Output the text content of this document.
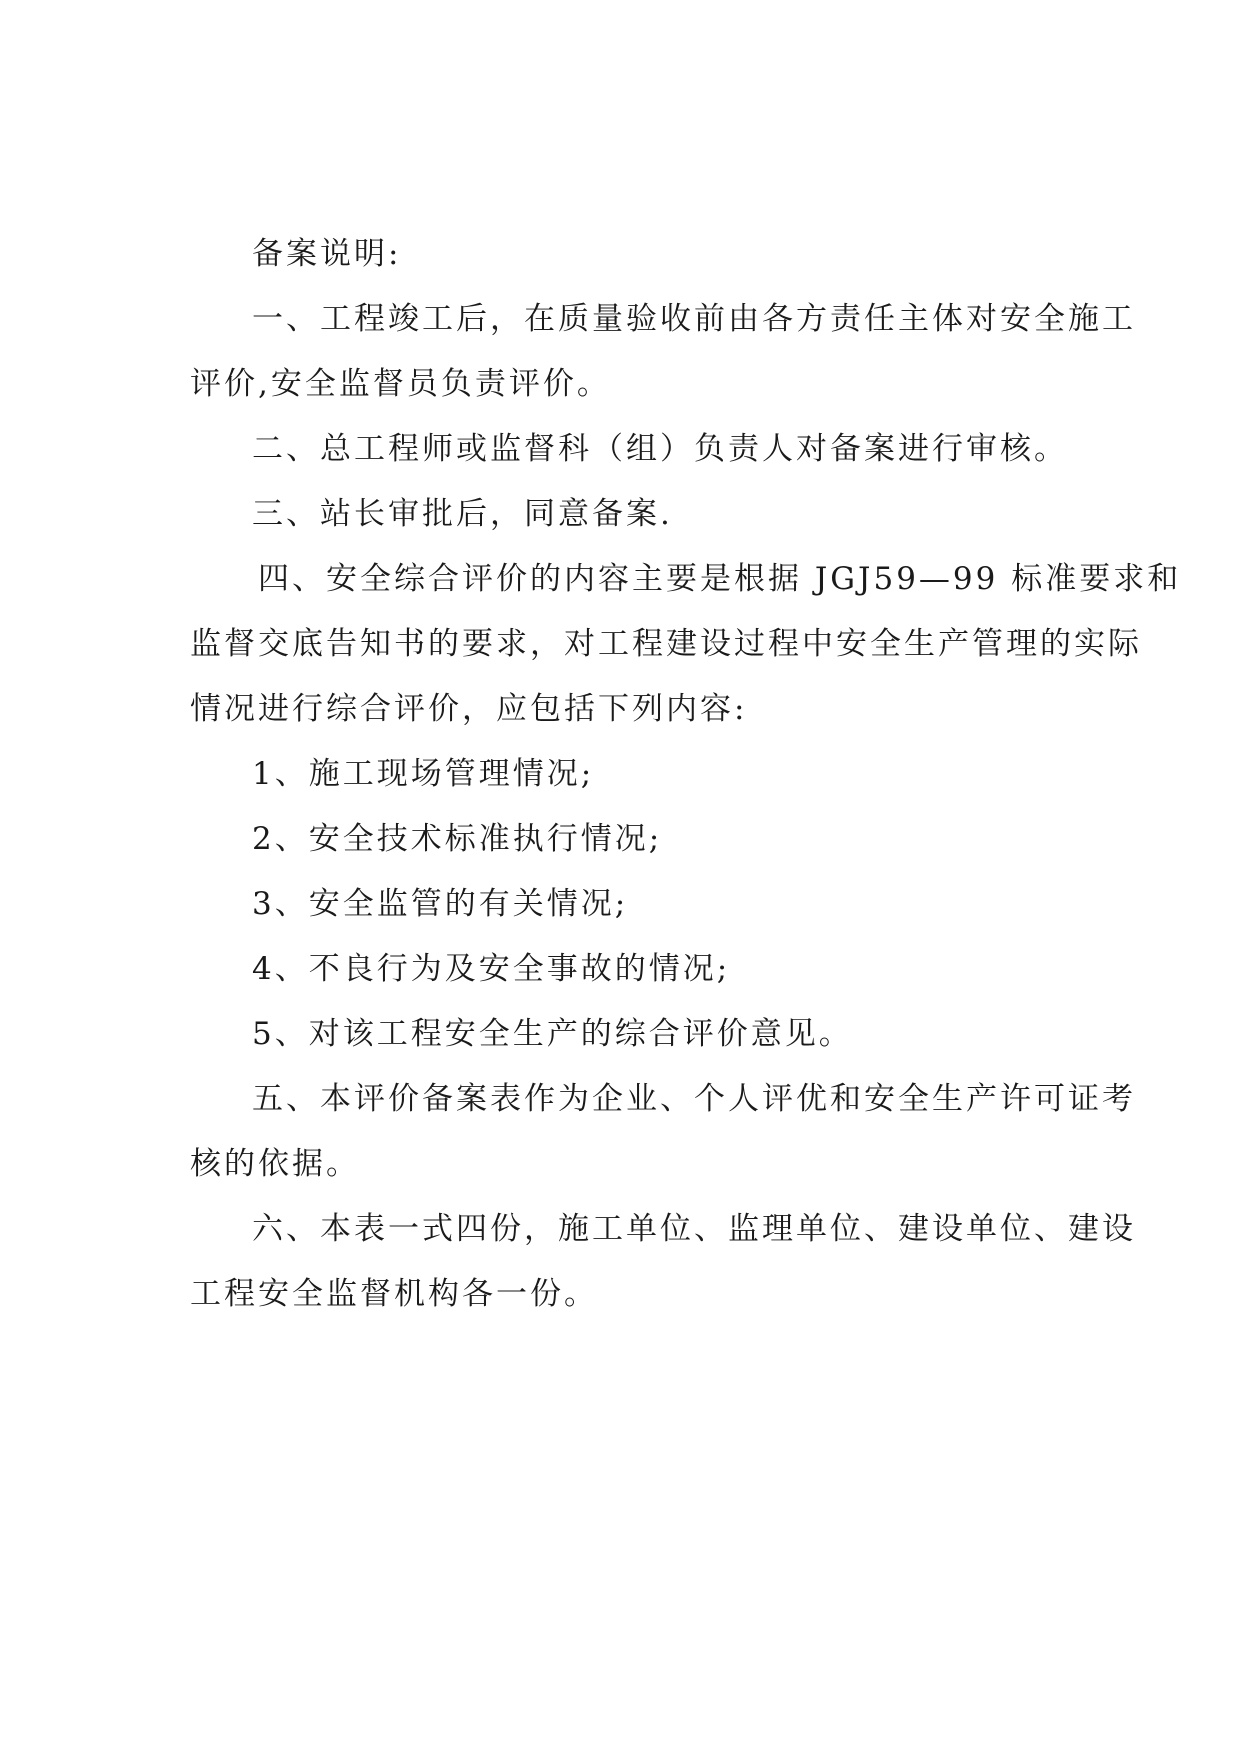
备案说明:

一、工程竣工后，在质量验收前由各方责任主体对安全施工

评价,安全监督员负责评价。

二、总工程师或监督科（组）负责人对备案进行审核。

三、站长审批后，同意备案.

四、安全综合评价的内容主要是根据 JGJ59—99 标准要求和

监督交底告知书的要求，对工程建设过程中安全生产管理的实际

情况进行综合评价，应包括下列内容:

1、施工现场管理情况;

2、安全技术标准执行情况;

3、安全监管的有关情况;

4、不良行为及安全事故的情况;

5、对该工程安全生产的综合评价意见。

五、本评价备案表作为企业、个人评优和安全生产许可证考

核的依据。

六、本表一式四份，施工单位、监理单位、建设单位、建设

工程安全监督机构各一份。
